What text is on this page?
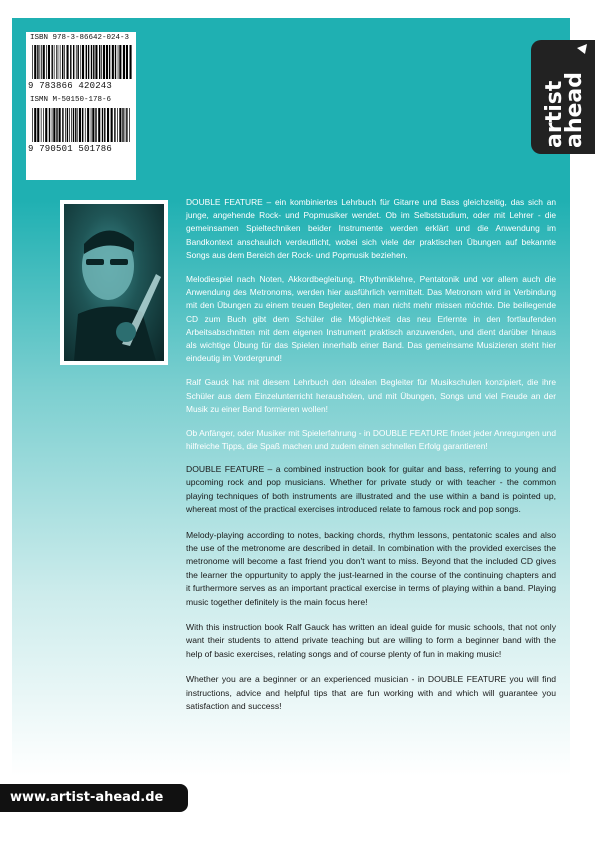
ISBN 978-3-86642-024-3
9 783866 420243
ISMN M-50150-178-6
9 790501 501786
artist
ahead

DOUBLE FEATURE – ein kombiniertes Lehrbuch für Gitarre und Bass gleichzeitig, das sich an junge, angehende Rock- und Popmusiker wendet. Ob im Selbststudium, oder mit Lehrer - die gemeinsamen Spieltechniken beider Instrumente werden erklärt und die Anwendung im Bandkontext anschaulich verdeutlicht, wobei sich viele der praktischen Übungen auf bekannte Songs aus dem Bereich der Rock- und Popmusik beziehen.

Melodiespiel nach Noten, Akkordbegleitung, Rhythmiklehre, Pentatonik und vor allem auch die Anwendung des Metronoms, werden hier ausführlich vermittelt. Das Metronom wird in Verbindung mit den Übungen zu einem treuen Begleiter, den man nicht mehr missen möchte. Die beiliegende CD zum Buch gibt dem Schüler die Möglichkeit das neu Erlernte in den fortlaufenden Arbeitsabschnitten mit dem eigenen Instrument praktisch anzuwenden, und dient darüber hinaus als wichtige Übung für das Spielen innerhalb einer Band. Das gemeinsame Musizieren steht hier eindeutig im Vordergrund!

Ralf Gauck hat mit diesem Lehrbuch den idealen Begleiter für Musikschulen konzipiert, die ihre Schüler aus dem Einzelunterricht herausholen, und mit Übungen, Songs und viel Freude an der Musik zu einer Band formieren wollen!

Ob Anfänger, oder Musiker mit Spielerfahrung - in DOUBLE FEATURE findet jeder Anregungen und hilfreiche Tipps, die Spaß machen und zudem einen schnellen Erfolg garantieren!

DOUBLE FEATURE – a combined instruction book for guitar and bass, referring to young and upcoming rock and pop musicians. Whether for private study or with teacher - the common playing techniques of both instruments are illustrated and the use within a band is pointed up, whereat most of the practical exercises introduced relate to famous rock and pop songs.

Melody-playing according to notes, backing chords, rhythm lessons, pentatonic scales and also the use of the metronome are described in detail. In combination with the provided exercises the metronome will become a fast friend you don't want to miss. Beyond that the included CD gives the learner the oppurtunity to apply the just-learned in the course of the continuing chapters and it furthermore serves as an important practical exercise in terms of playing within a band. Playing music together definitely is the main focus here!

With this instruction book Ralf Gauck has written an ideal guide for music schools, that not only want their students to attend private teaching but are willing to form a beginner band with the help of basic exercises, relating songs and of course plenty of fun in making music!

Whether you are a beginner or an experienced musician - in DOUBLE FEATURE you will find instructions, advice and helpful tips that are fun working with and which will guarantee you satisfaction and success!

www.artist-ahead.de
